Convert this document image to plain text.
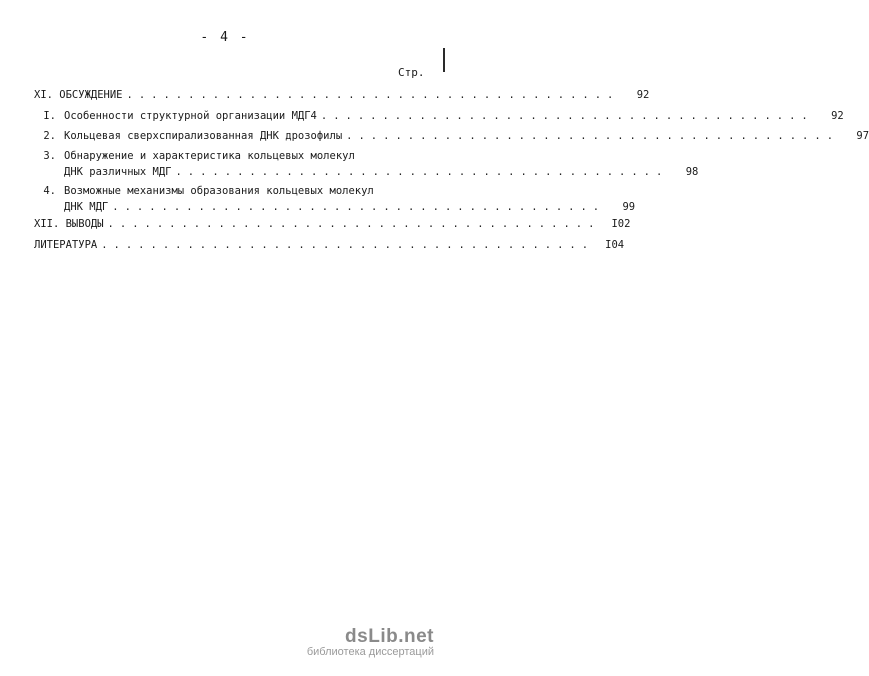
- 4 -
Стр.
XI. ОБСУЖДЕНИЕ ........................................	92
I. Особенности структурной организации МДГ4 ........................................	92
2. Кольцевая сверхспирализованная ДНК дрозофилы ........................................	97
3. Обнаружение и характеристика кольцевых молекул
ДНК различных МДГ ........................................	98
4. Возможные механизмы образования кольцевых молекул
ДНК МДГ ........................................	99
XII. ВЫВОДЫ ........................................	I02
ЛИТЕРАТУРА ........................................	I04
dsLib.net
библиотека диссертаций
